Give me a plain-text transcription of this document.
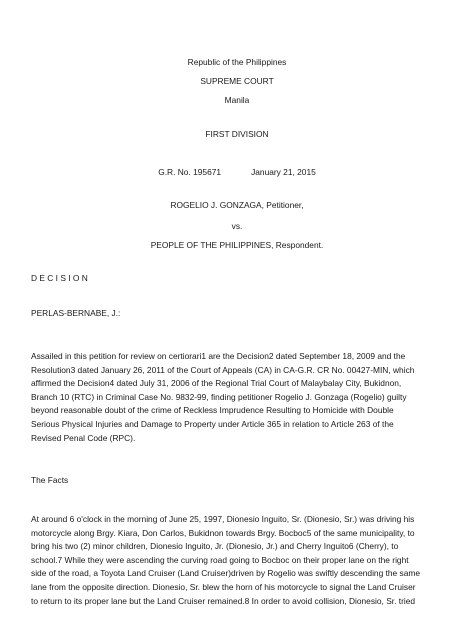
Republic of the Philippines
SUPREME COURT
Manila
FIRST DIVISION
G.R. No. 195671	January 21, 2015
ROGELIO J. GONZAGA, Petitioner,
vs.
PEOPLE OF THE PHILIPPINES, Respondent.
D E C I S I O N
PERLAS-BERNABE, J.:
Assailed in this petition for review on certiorari1 are the Decision2 dated September 18, 2009 and the
Resolution3 dated January 26, 2011 of the Court of Appeals (CA) in CA-G.R. CR No. 00427-MIN, which
affirmed the Decision4 dated July 31, 2006 of the Regional Trial Court of Malaybalay City, Bukidnon,
Branch 10 (RTC) in Criminal Case No. 9832-99, finding petitioner Rogelio J. Gonzaga (Rogelio) guilty
beyond reasonable doubt of the crime of Reckless Imprudence Resulting to Homicide with Double
Serious Physical Injuries and Damage to Property under Article 365 in relation to Article 263 of the
Revised Penal Code (RPC).
The Facts
At around 6 o'clock in the morning of June 25, 1997, Dionesio Inguito, Sr. (Dionesio, Sr.) was driving his
motorcycle along Brgy. Kiara, Don Carlos, Bukidnon towards Brgy. Bocboc5 of the same municipality, to
bring his two (2) minor children, Dionesio Inguito, Jr. (Dionesio, Jr.) and Cherry Inguito6 (Cherry), to
school.7 While they were ascending the curving road going to Bocboc on their proper lane on the right
side of the road, a Toyota Land Cruiser (Land Cruiser)driven by Rogelio was swiftly descending the same
lane from the opposite direction. Dionesio, Sr. blew the horn of his motorcycle to signal the Land Cruiser
to return to its proper lane but the Land Cruiser remained.8 In order to avoid collision, Dionesio, Sr. tried
